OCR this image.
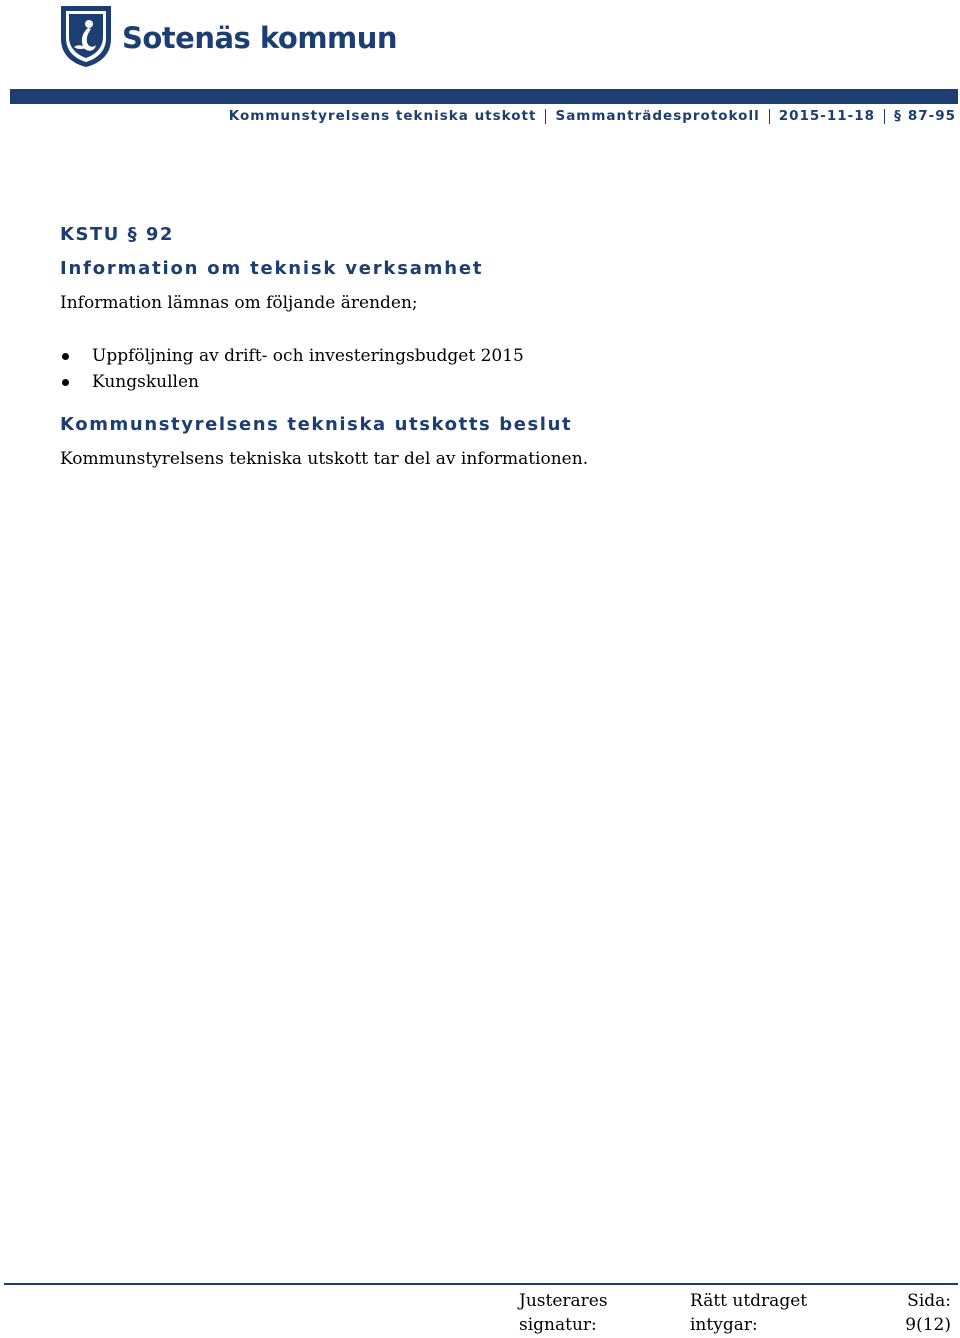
Sotenäs kommun
Kommunstyrelsens tekniska utskott Sammanträdesprotokoll 2015-11-18 § 87-95
KSTU § 92
Information om teknisk verksamhet
Information lämnas om följande ärenden;
Uppföljning av drift- och investeringsbudget 2015
Kungskullen
Kommunstyrelsens tekniska utskotts beslut
Kommunstyrelsens tekniska utskott tar del av informationen.
Justerares
signatur:
Rätt utdraget
intygar:
Sida:
9(12)
